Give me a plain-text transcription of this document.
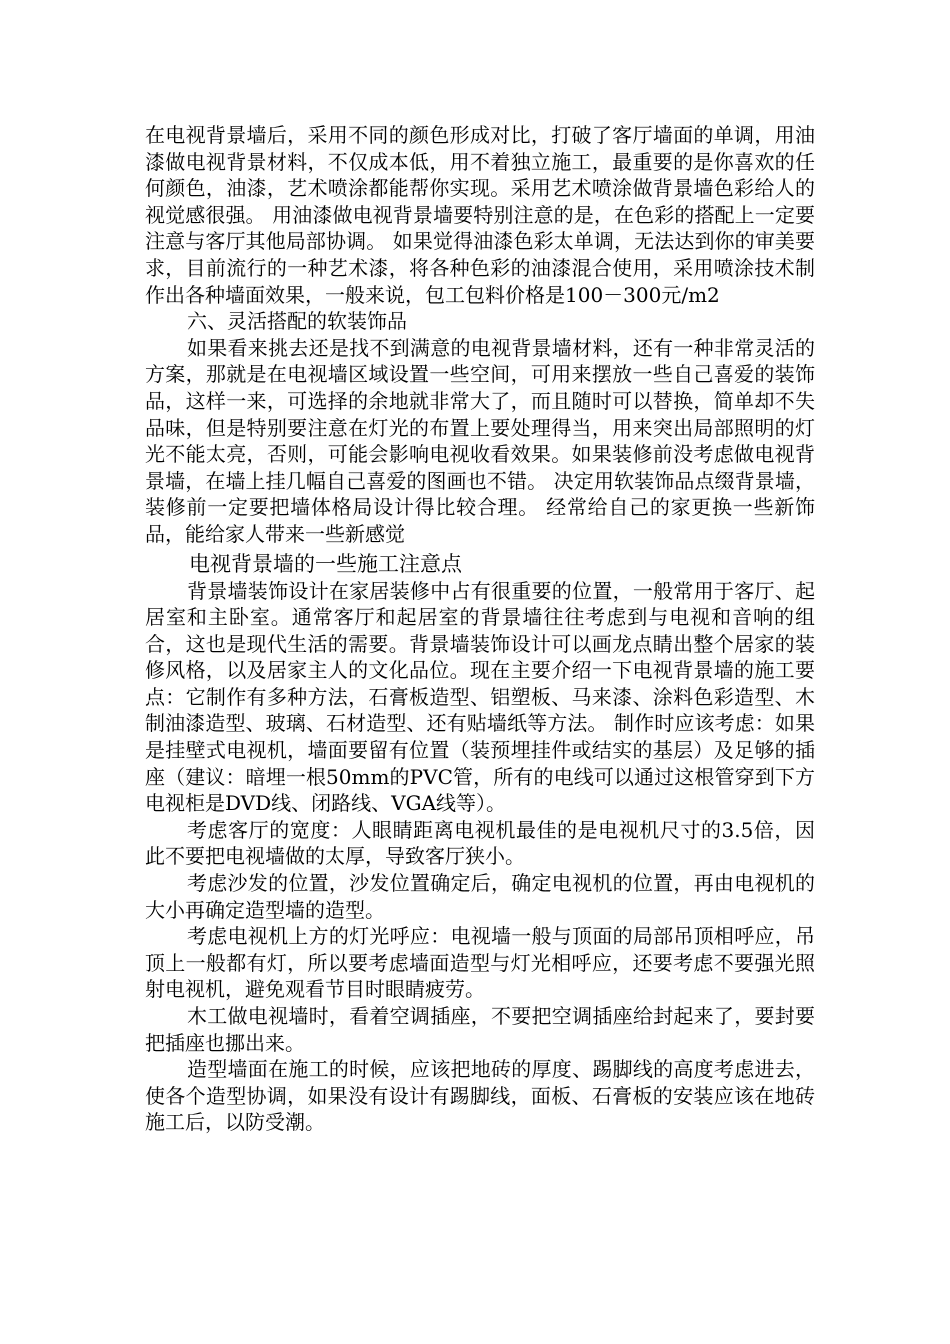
在电视背景墙后，采用不同的颜色形成对比，打破了客厅墙面的单调，用油漆做电视背景材料，不仅成本低，用不着独立施工，最重要的是你喜欢的任何颜色，油漆，艺术喷涂都能帮你实现。采用艺术喷涂做背景墙色彩给人的视觉感很强。 用油漆做电视背景墙要特别注意的是，在色彩的搭配上一定要注意与客厅其他局部协调。 如果觉得油漆色彩太单调，无法达到你的审美要求，目前流行的一种艺术漆，将各种色彩的油漆混合使用，采用喷涂技术制作出各种墙面效果，一般来说，包工包料价格是100－300元/m2

六、灵活搭配的软装饰品

如果看来挑去还是找不到满意的电视背景墙材料，还有一种非常灵活的方案，那就是在电视墙区域设置一些空间，可用来摆放一些自己喜爱的装饰品，这样一来，可选择的余地就非常大了，而且随时可以替换，简单却不失品味，但是特别要注意在灯光的布置上要处理得当，用来突出局部照明的灯光不能太亮，否则，可能会影响电视收看效果。如果装修前没考虑做电视背景墙，在墙上挂几幅自己喜爱的图画也不错。 决定用软装饰品点缀背景墙，装修前一定要把墙体格局设计得比较合理。 经常给自己的家更换一些新饰品，能给家人带来一些新感觉

电视背景墙的一些施工注意点

背景墙装饰设计在家居装修中占有很重要的位置，一般常用于客厅、起居室和主卧室。通常客厅和起居室的背景墙往往考虑到与电视和音响的组合，这也是现代生活的需要。背景墙装饰设计可以画龙点睛出整个居家的装修风格，以及居家主人的文化品位。现在主要介绍一下电视背景墙的施工要点：它制作有多种方法，石膏板造型、铝塑板、马来漆、涂料色彩造型、木制油漆造型、玻璃、石材造型、还有贴墙纸等方法。 制作时应该考虑：如果是挂壁式电视机，墙面要留有位置（装预埋挂件或结实的基层）及足够的插座（建议：暗埋一根50mm的PVC管，所有的电线可以通过这根管穿到下方电视柜是DVD线、闭路线、VGA线等）。

考虑客厅的宽度：人眼睛距离电视机最佳的是电视机尺寸的3.5倍，因此不要把电视墙做的太厚，导致客厅狭小。

考虑沙发的位置，沙发位置确定后，确定电视机的位置，再由电视机的大小再确定造型墙的造型。

考虑电视机上方的灯光呼应：电视墙一般与顶面的局部吊顶相呼应，吊顶上一般都有灯，所以要考虑墙面造型与灯光相呼应，还要考虑不要强光照射电视机，避免观看节目时眼睛疲劳。

木工做电视墙时，看着空调插座，不要把空调插座给封起来了，要封要把插座也挪出来。

造型墙面在施工的时候，应该把地砖的厚度、踢脚线的高度考虑进去，使各个造型协调，如果没有设计有踢脚线，面板、石膏板的安装应该在地砖施工后，以防受潮。
